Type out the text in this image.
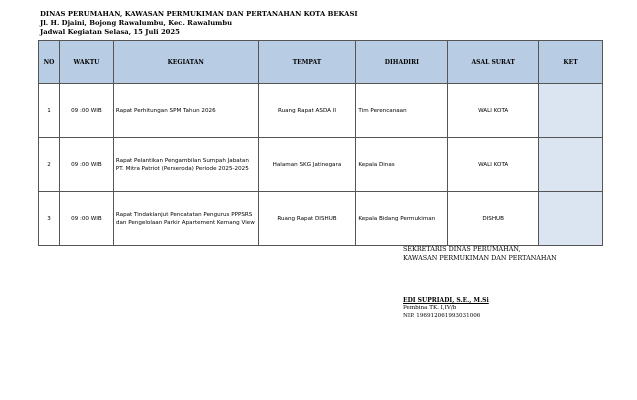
DINAS PERUMAHAN, KAWASAN PERMUKIMAN DAN PERTANAHAN KOTA BEKASI
Jl. H. Djaini, Bojong Rawalumbu, Kec. Rawalumbu
Jadwal Kegiatan Selasa, 15 Juli 2025
NO	WAKTU	KEGIATAN	TEMPAT	DIHADIRI	ASAL SURAT	KET
1	09 :00 WIB	Rapat Perhitungan SPM Tahun 2026	Ruang Rapat ASDA II	Tim Perencanaan	WALI KOTA	
2	09 :00 WIB	Rapat Pelantikan Pengambilan Sumpah Jabatan PT. Mitra Patriot (Perseroda) Periode 2025-2025	Halaman SKG Jatinegara	Kepala Dinas	WALI KOTA	
3	09 :00 WIB	Rapat Tindaklanjut Pencatatan Pengurus PPPSRS dan Pengelolaan Parkir Apartement Kemang View	Ruang Rapat DISHUB	Kepala Bidang Permukiman	DISHUB	
SEKRETARIS DINAS PERUMAHAN,
KAWASAN PERMUKIMAN DAN PERTANAHAN
EDI SUPRIADI, S.E., M.Si
Pembina TK. I,IV/b
NIP. 196912061993031006
